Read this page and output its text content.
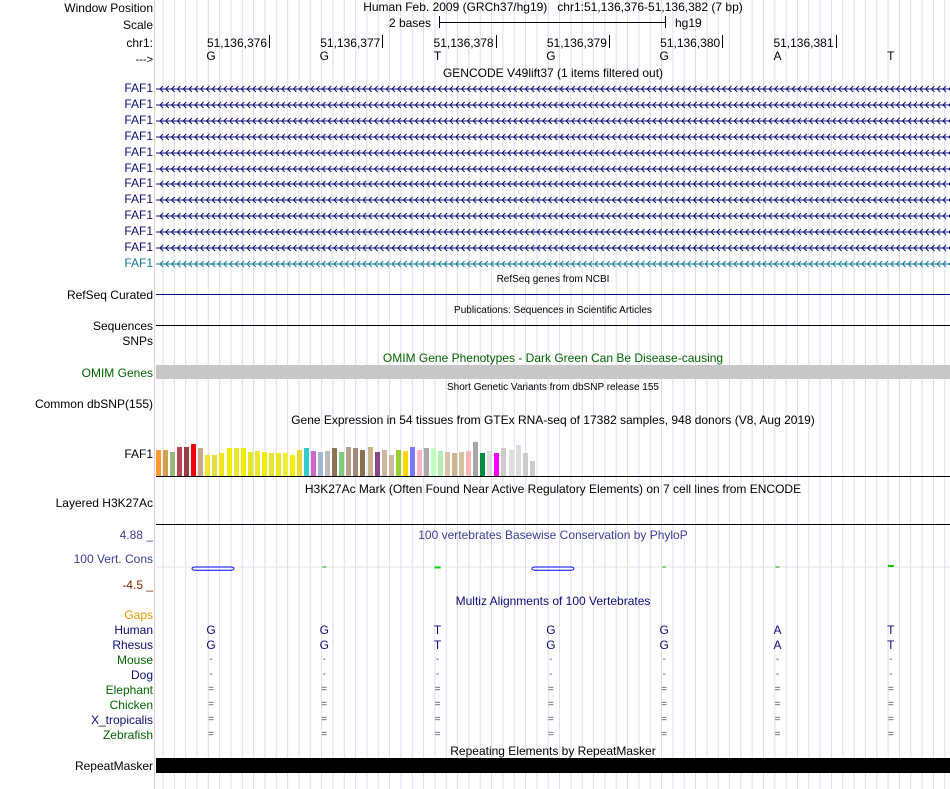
Window Position
Scale
chr1:
--->
Human Feb. 2009 (GRCh37/hg19)   chr1:51,136,376-51,136,382 (7 bp)
2 bases	hg19
51,136,376	51,136,377	51,136,378	51,136,379	51,136,380	51,136,381
G	G	T	G	G	A	T
GENCODE V49lift37 (1 items filtered out)
FAF1
FAF1
FAF1
FAF1
FAF1
FAF1
FAF1
FAF1
FAF1
FAF1
FAF1
FAF1
RefSeq genes from NCBI
RefSeq Curated
Publications: Sequences in Scientific Articles
Sequences
SNPs
OMIM Gene Phenotypes - Dark Green Can Be Disease-causing
OMIM Genes
Short Genetic Variants from dbSNP release 155
Common dbSNP(155)
Gene Expression in 54 tissues from GTEx RNA-seq of 17382 samples, 948 donors (V8, Aug 2019)
FAF1
H3K27Ac Mark (Often Found Near Active Regulatory Elements) on 7 cell lines from ENCODE
Layered H3K27Ac
100 vertebrates Basewise Conservation by PhyloP
4.88 _
100 Vert. Cons
-4.5 _
Multiz Alignments of 100 Vertebrates
Gaps
Human	G	G	T	G	G	A	T
Rhesus	G	G	T	G	G	A	T
Mouse	-	-	-	-	-	-	-
Dog	-	-	-	-	-	-	-
Elephant	=	=	=	=	=	=	=
Chicken	=	=	=	=	=	=	=
X_tropicalis	=	=	=	=	=	=	=
Zebrafish	=	=	=	=	=	=	=
Repeating Elements by RepeatMasker
RepeatMasker
